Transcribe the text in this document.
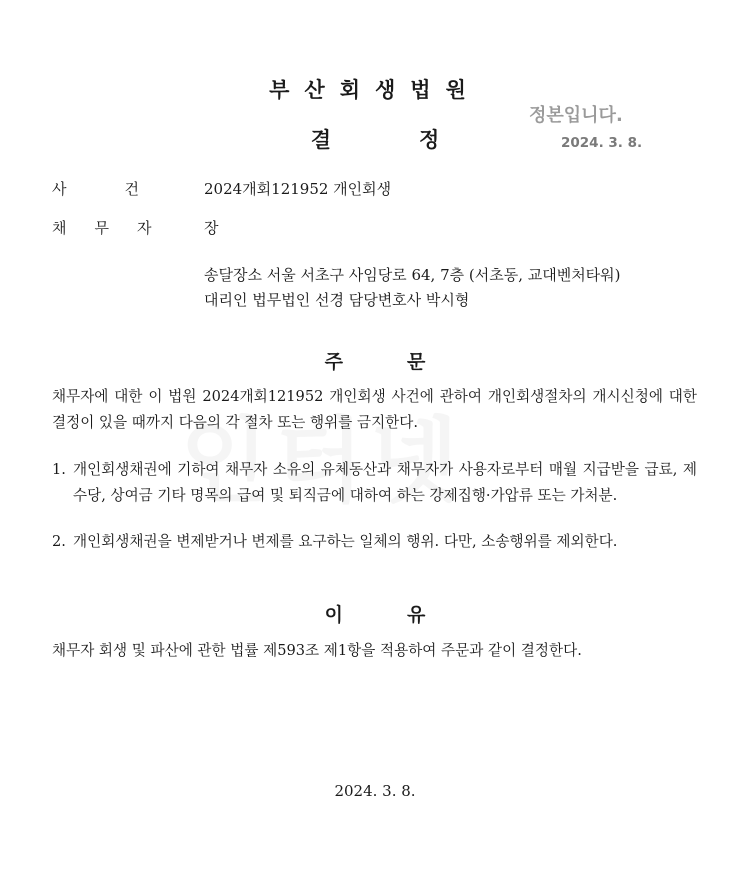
부산회생법원
결	정
정본입니다.
2024. 3. 8.
사건 2024개회121952 개인회생
채무자 장
송달장소 서울 서초구 사임당로 64, 7층 (서초동, 교대벤처타워)
대리인 법무법인 선경 담당변호사 박시형
주	문
채무자에 대한 이 법원 2024개회121952 개인회생 사건에 관하여 개인회생절차의 개시신청에 대한 결정이 있을 때까지 다음의 각 절차 또는 행위를 금지한다.
1. 개인회생채권에 기하여 채무자 소유의 유체동산과 채무자가 사용자로부터 매월 지급받을 급료, 제수당, 상여금 기타 명목의 급여 및 퇴직금에 대하여 하는 강제집행·가압류 또는 가처분.
2. 개인회생채권을 변제받거나 변제를 요구하는 일체의 행위. 다만, 소송행위를 제외한다.
이	유
채무자 회생 및 파산에 관한 법률 제593조 제1항을 적용하여 주문과 같이 결정한다.
2024. 3. 8.
